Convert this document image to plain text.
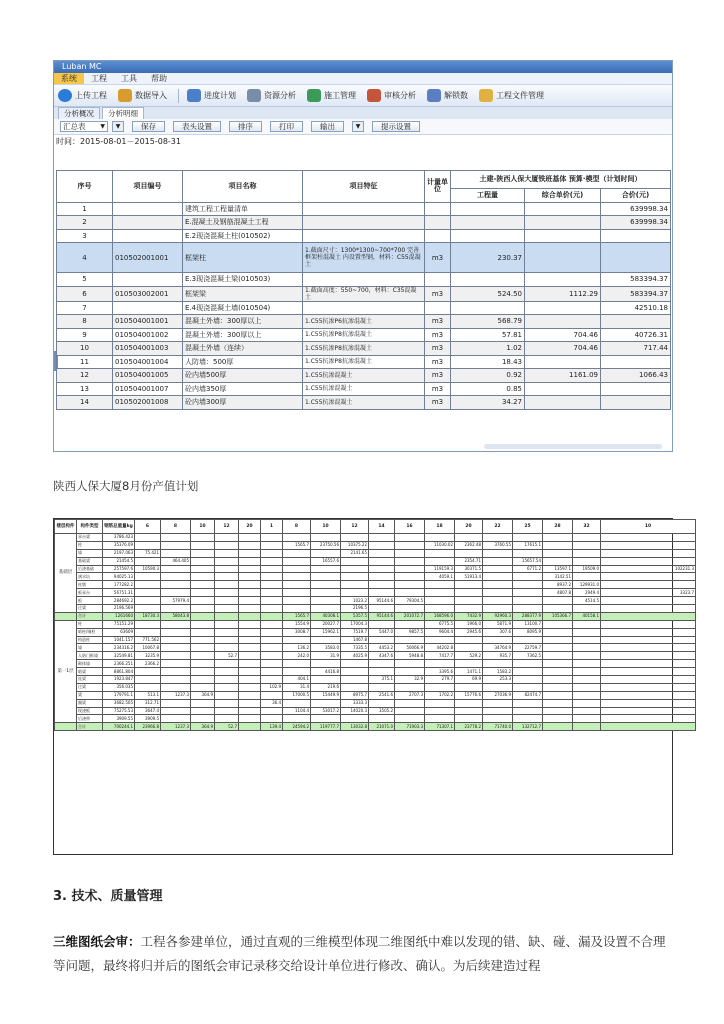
Luban MC
系统	工程	工具	帮助
上传工程	数据导入	进度计划	资源分析	施工管理	审核分析	解锁数	工程文件管理
分析概况	分析明细
汇总表 ▼	▼	保存	表头设置	排序	打印	输出	▼	提示设置
时间：2015-08-01－2015-08-31
序号	项目编号	项目名称	项目特征	计量单位	土建-陕西人保大厦铁班基体 预算·模型（计划时间）		
					工程量	综合单价(元)	合价(元)
1		建筑工程工程量清单					639998.34
2		E.混凝土及钢筋混凝土工程					639998.34
3		E.2现浇混凝土柱(010502)					
4	010502001001	框架柱	1.截面尺寸：1300*1300~700*700 完善框架柱混凝土 内设置型钢，材料：C55混凝土	m3	230.37		
5		E.3现浇混凝土梁(010503)					583394.37
6	010503002001	框架梁	1.截面高度：550~700，材料：C35混凝土	m3	524.50	1112.29	583394.37
7		E.4现浇混凝土墙(010504)					42510.18
8	010504001001	混凝土外墙：300厚以上	1.C55抗渗P6抗渗混凝土	m3	568.79		
9	010504001002	混凝土外墙：300厚以上	1.C55抗渗P8抗渗混凝土	m3	57.81	704.46	40726.31
10	010504001003	混凝土外墙（连续）	1.C55抗渗P8抗渗混凝土	m3	1.02	704.46	717.44
11	010504001004	人防墙：500厚	1.C55抗渗P8抗渗混凝土	m3	18.43		
12	010504001005	砼内墙500厚	1.C55抗渗混凝土	m3	0.92	1161.09	1066.43
13	010504001007	砼内墙350厚	1.C55抗渗混凝土	m3	0.85		
14	010502001008	砼内墙300厚	1.C55抗渗混凝土	m3	34.27		
陕西人保大厦8月份产值计划
楼层构件	构件类型	钢筋总重量kg	6	8	10	12	20	1	8	10	12	14	16	18	20	22	25	28	32	10
基础层	承台梁	3786.423																		
	柱	35376.09							1565.7	23750.56	10375.22			11030.02	2362.48	3760.55	17615.1			
	墙	2197.063	75.421								2141.65									
	基础梁	21454.5		464.405						16557.6					2354.71		15657.54			
	后浇基础	257597.6	10590.3											119159.3	30371.5		6771.2	13597.1	19509.0	102231.3
	满水坑	94025.13												4059.1	51913.4			3142.51		
	柱墩	177282.2																8937.2	129931.0	
	板承台	56751.31																4807.8	2949.4	3323.7
	板	284692.2		57979.4							1023.2	95144.6	79304.5						4514.5	
	过梁	2196.569									2196.5									
	合计	1261660	18730.3	58043.8					1565.7	40308.1	5357.5	95144.6	201072.7	168596.0	7432.9	92960.3	288377.9	105366.7	40158.1	
第一1层	柱	75151.29							1554.9	20027.7	17004.3			6775.5	1966.0	5871.9	13100.7			
	暗柱/端柱	63609							3008.7	15962.1	7519.7	5447.0	9857.5	9604.4	2945.6	307.6	8095.9			
	构造柱	1041.157	771.562								1467.8									
	墙	234316.2	10067.8						136.2	3583.0	7335.5	4453.2	50066.9	44202.8		34764.9	22759.7			
	人防门框墙	32549.81	3235.9			52.7			242.0	31.9	4025.9	4347.6	5948.8	7417.7	529.2	935.7	7362.5			
	砌体墙	2366.251	2366.2																	
	暗梁	8861.804								4416.8				3395.6	1471.1	1583.2				
	连梁	1923.847							404.1			375.1	32.9	279.7	69.9	253.3				
	过梁	356.035						102.9	31.4	219.6										
	梁	179791.1	513.1	1237.3	364.9				17000.5	15449.9	8975.7	2541.6	2707.3	1702.2	15776.6	27036.9	82474.7			
	圈梁	3682.505	312.71					36.4			3333.3									
	现浇板	75275.53	3647.4						1104.4	53017.2	14020.3	3505.2								
	后浇带	3909.55	3909.5																	
	合计	700244.1	23966.8	1237.3	364.9	52.7		139.4	24594.2	119777.7	13032.8	21071.0	71903.3	71307.1	23778.2	71740.0	132712.7			
3. 技术、质量管理
三维图纸会审：工程各参建单位，通过直观的三维模型体现二维图纸中难以发现的错、缺、碰、漏及设置不合理等问题，最终将归并后的图纸会审记录移交给设计单位进行修改、确认。为后续建造过程
